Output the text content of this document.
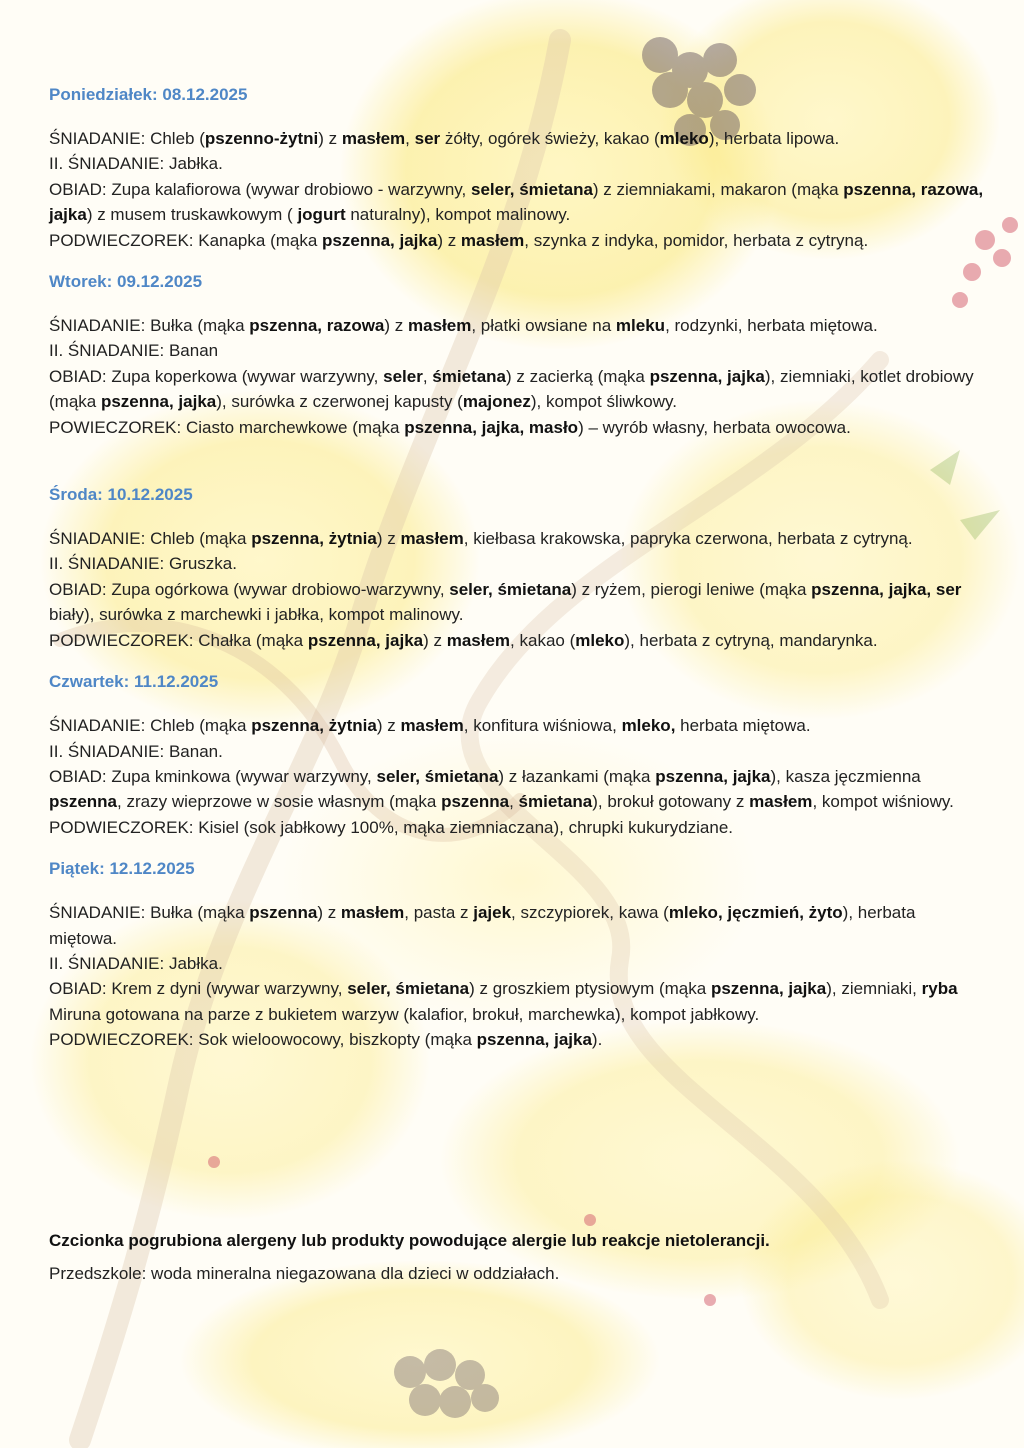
Poniedziałek: 08.12.2025

ŚNIADANIE: Chleb (pszenno-żytni) z masłem, ser żółty, ogórek świeży, kakao (mleko), herbata lipowa.

II. ŚNIADANIE: Jabłka.

OBIAD: Zupa kalafiorowa (wywar drobiowo - warzywny, seler, śmietana) z ziemniakami, makaron (mąka pszenna, razowa, jajka) z musem truskawkowym ( jogurt naturalny), kompot malinowy.

PODWIECZOREK: Kanapka (mąka pszenna, jajka) z masłem, szynka z indyka, pomidor, herbata z cytryną.

Wtorek: 09.12.2025

ŚNIADANIE: Bułka (mąka pszenna, razowa) z masłem, płatki owsiane na mleku, rodzynki, herbata miętowa.

II. ŚNIADANIE: Banan

OBIAD: Zupa koperkowa (wywar warzywny, seler, śmietana) z zacierką (mąka pszenna, jajka), ziemniaki, kotlet drobiowy (mąka pszenna, jajka), surówka z czerwonej kapusty (majonez), kompot śliwkowy.

POWIECZOREK: Ciasto marchewkowe (mąka pszenna, jajka, masło) – wyrób własny, herbata owocowa.

Środa: 10.12.2025

ŚNIADANIE: Chleb (mąka pszenna, żytnia) z masłem, kiełbasa krakowska, papryka czerwona, herbata z cytryną.

II. ŚNIADANIE: Gruszka.

OBIAD: Zupa ogórkowa (wywar drobiowo-warzywny, seler, śmietana) z ryżem, pierogi leniwe (mąka pszenna, jajka, ser biały), surówka z marchewki i jabłka, kompot malinowy.

PODWIECZOREK: Chałka (mąka pszenna, jajka) z masłem, kakao (mleko), herbata z cytryną, mandarynka.

Czwartek: 11.12.2025

ŚNIADANIE: Chleb (mąka pszenna, żytnia) z masłem, konfitura wiśniowa, mleko, herbata miętowa.

II. ŚNIADANIE: Banan.

OBIAD: Zupa kminkowa (wywar warzywny, seler, śmietana) z łazankami (mąka pszenna, jajka), kasza jęczmienna pszenna, zrazy wieprzowe w sosie własnym (mąka pszenna, śmietana), brokuł gotowany z masłem, kompot wiśniowy.

PODWIECZOREK: Kisiel (sok jabłkowy 100%, mąka ziemniaczana), chrupki kukurydziane.

Piątek: 12.12.2025

ŚNIADANIE: Bułka (mąka pszenna) z masłem, pasta z jajek, szczypiorek, kawa (mleko, jęczmień, żyto), herbata miętowa.

II. ŚNIADANIE: Jabłka.

OBIAD: Krem z dyni (wywar warzywny, seler, śmietana) z groszkiem ptysiowym (mąka pszenna, jajka), ziemniaki, ryba Miruna gotowana na parze z bukietem warzyw (kalafior, brokuł, marchewka), kompot jabłkowy.

PODWIECZOREK: Sok wieloowocowy, biszkopty (mąka pszenna, jajka).

Czcionka pogrubiona alergeny lub produkty powodujące alergie lub reakcje nietolerancji.
Przedszkole: woda mineralna niegazowana dla dzieci w oddziałach.
